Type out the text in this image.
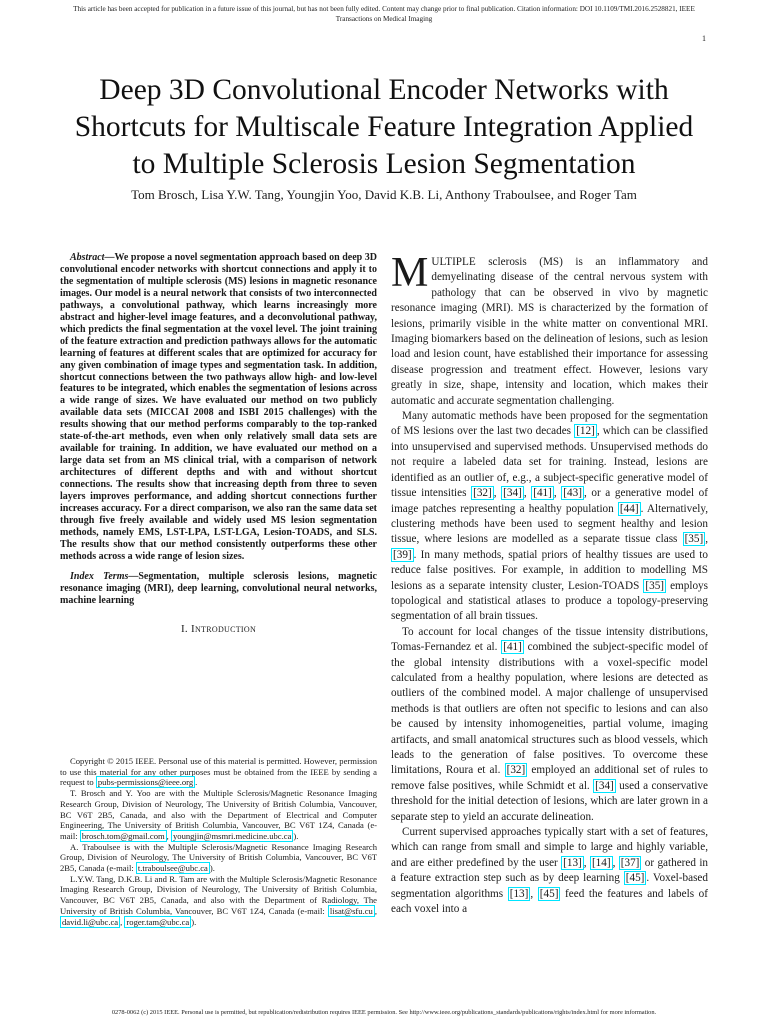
This article has been accepted for publication in a future issue of this journal, but has not been fully edited. Content may change prior to final publication. Citation information: DOI 10.1109/TMI.2016.2528821, IEEE
Transactions on Medical Imaging
1
Deep 3D Convolutional Encoder Networks with
Shortcuts for Multiscale Feature Integration Applied
to Multiple Sclerosis Lesion Segmentation
Tom Brosch, Lisa Y.W. Tang, Youngjin Yoo, David K.B. Li, Anthony Traboulsee, and Roger Tam

Abstract—We propose a novel segmentation approach based on deep 3D convolutional encoder networks with shortcut connections and apply it to the segmentation of multiple sclerosis (MS) lesions in magnetic resonance images. Our model is a neural network that consists of two interconnected pathways, a convolutional pathway, which learns increasingly more abstract and higher-level image features, and a deconvolutional pathway, which predicts the final segmentation at the voxel level. The joint training of the feature extraction and prediction pathways allows for the automatic learning of features at different scales that are optimized for accuracy for any given combination of image types and segmentation task. In addition, shortcut connections between the two pathways allow high- and low-level features to be integrated, which enables the segmentation of lesions across a wide range of sizes. We have evaluated our method on two publicly available data sets (MICCAI 2008 and ISBI 2015 challenges) with the results showing that our method performs comparably to the top-ranked state-of-the-art methods, even when only relatively small data sets are available for training. In addition, we have evaluated our method on a large data set from an MS clinical trial, with a comparison of network architectures of different depths and with and without shortcut connections. The results show that increasing depth from three to seven layers improves performance, and adding shortcut connections further increases accuracy. For a direct comparison, we also ran the same data set through five freely available and widely used MS lesion segmentation methods, namely EMS, LST-LPA, LST-LGA, Lesion-TOADS, and SLS. The results show that our method consistently outperforms these other methods across a wide range of lesion sizes.

Index Terms—Segmentation, multiple sclerosis lesions, magnetic resonance imaging (MRI), deep learning, convolutional neural networks, machine learning

I. Introduction

Copyright © 2015 IEEE. Personal use of this material is permitted. However, permission to use this material for any other purposes must be obtained from the IEEE by sending a request to pubs-permissions@ieee.org .

T. Brosch and Y. Yoo are with the Multiple Sclerosis/Magnetic Resonance Imaging Research Group, Division of Neurology, The University of British Columbia, Vancouver, BC V6T 2B5, Canada, and also with the Department of Electrical and Computer Engineering, The University of British Columbia, Vancouver, BC V6T 1Z4, Canada (e-mail: brosch.tom@gmail.com , youngjin@msmri.medicine.ubc.ca ).

A. Traboulsee is with the Multiple Sclerosis/Magnetic Resonance Imaging Research Group, Division of Neurology, The University of British Columbia, Vancouver, BC V6T 2B5, Canada (e-mail: t.traboulsee@ubc.ca ).

L.Y.W. Tang, D.K.B. Li and R. Tam are with the Multiple Sclerosis/Magnetic Resonance Imaging Research Group, Division of Neurology, The University of British Columbia, Vancouver, BC V6T 2B5, Canada, and also with the Department of Radiology, The University of British Columbia, Vancouver, BC V6T 1Z4, Canada (e-mail: lisat@sfu.cu , david.li@ubc.ca , roger.tam@ubc.ca ).

MULTIPLE sclerosis (MS) is an inflammatory and demyelinating disease of the central nervous system with pathology that can be observed in vivo by magnetic resonance imaging (MRI). MS is characterized by the formation of lesions, primarily visible in the white matter on conventional MRI. Imaging biomarkers based on the delineation of lesions, such as lesion load and lesion count, have established their importance for assessing disease progression and treatment effect. However, lesions vary greatly in size, shape, intensity and location, which makes their automatic and accurate segmentation challenging.

Many automatic methods have been proposed for the segmentation of MS lesions over the last two decades [12] , which can be classified into unsupervised and supervised methods. Unsupervised methods do not require a labeled data set for training. Instead, lesions are identified as an outlier of, e.g., a subject-specific generative model of tissue intensities [32] , [34] , [41] , [43] , or a generative model of image patches representing a healthy population [44] . Alternatively, clustering methods have been used to segment healthy and lesion tissue, where lesions are modelled as a separate tissue class [35] , [39] . In many methods, spatial priors of healthy tissues are used to reduce false positives. For example, in addition to modelling MS lesions as a separate intensity cluster, Lesion-TOADS [35] employs topological and statistical atlases to produce a topology-preserving segmentation of all brain tissues.

To account for local changes of the tissue intensity distributions, Tomas-Fernandez et al. [41] combined the subject-specific model of the global intensity distributions with a voxel-specific model calculated from a healthy population, where lesions are detected as outliers of the combined model. A major challenge of unsupervised methods is that outliers are often not specific to lesions and can also be caused by intensity inhomogeneities, partial volume, imaging artifacts, and small anatomical structures such as blood vessels, which leads to the generation of false positives. To overcome these limitations, Roura et al. [32] employed an additional set of rules to remove false positives, while Schmidt et al. [34] used a conservative threshold for the initial detection of lesions, which are later grown in a separate step to yield an accurate delineation.

Current supervised approaches typically start with a set of features, which can range from small and simple to large and highly variable, and are either predefined by the user [13] , [14] , [37] or gathered in a feature extraction step such as by deep learning [45] . Voxel-based segmentation algorithms [13] , [45] feed the features and labels of each voxel into a

0278-0062 (c) 2015 IEEE. Personal use is permitted, but republication/redistribution requires IEEE permission. See http://www.ieee.org/publications_standards/publications/rights/index.html for more information.
